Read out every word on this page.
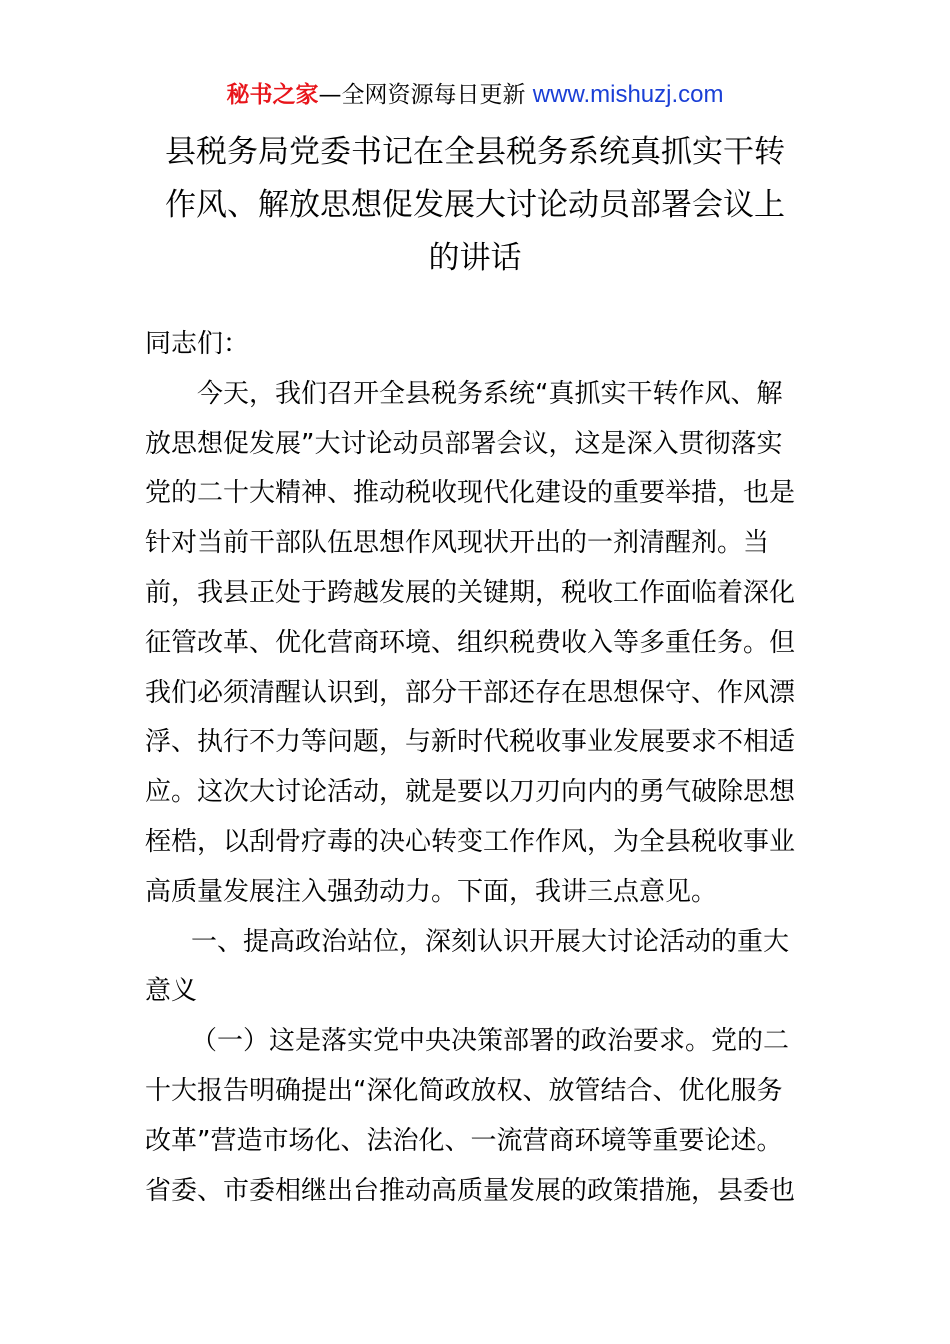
秘书之家—全网资源每日更新 www.mishuzj.com
县税务局党委书记在全县税务系统真抓实干转
作风、解放思想促发展大讨论动员部署会议上
的讲话
同志们：
今天，我们召开全县税务系统“真抓实干转作风、解
放思想促发展”大讨论动员部署会议，这是深入贯彻落实
党的二十大精神、推动税收现代化建设的重要举措，也是
针对当前干部队伍思想作风现状开出的一剂清醒剂。当
前，我县正处于跨越发展的关键期，税收工作面临着深化
征管改革、优化营商环境、组织税费收入等多重任务。但
我们必须清醒认识到，部分干部还存在思想保守、作风漂
浮、执行不力等问题，与新时代税收事业发展要求不相适
应。这次大讨论活动，就是要以刀刃向内的勇气破除思想
桎梏，以刮骨疗毒的决心转变工作作风，为全县税收事业
高质量发展注入强劲动力。下面，我讲三点意见。
一、提高政治站位，深刻认识开展大讨论活动的重大
意义
（一）这是落实党中央决策部署的政治要求。党的二
十大报告明确提出“深化简政放权、放管结合、优化服务
改革”营造市场化、法治化、一流营商环境等重要论述。
省委、市委相继出台推动高质量发展的政策措施，县委也
